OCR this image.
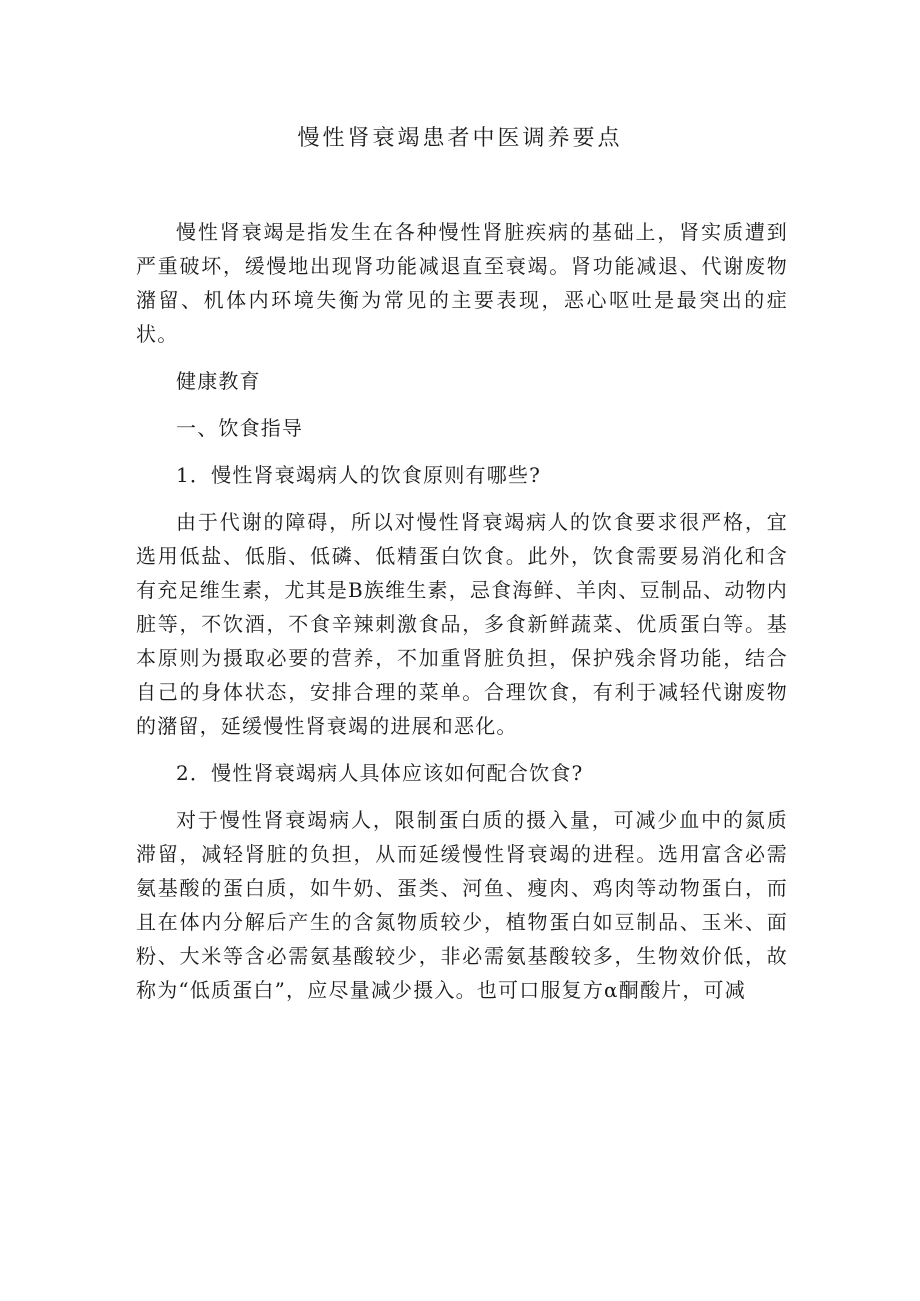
慢性肾衰竭患者中医调养要点

慢性肾衰竭是指发生在各种慢性肾脏疾病的基础上，肾实质遭到严重破坏，缓慢地出现肾功能减退直至衰竭。肾功能减退、代谢废物潴留、机体内环境失衡为常见的主要表现，恶心呕吐是最突出的症状。

健康教育

一、饮食指导

1．慢性肾衰竭病人的饮食原则有哪些?

由于代谢的障碍，所以对慢性肾衰竭病人的饮食要求很严格，宜选用低盐、低脂、低磷、低精蛋白饮食。此外，饮食需要易消化和含有充足维生素，尤其是B族维生素，忌食海鲜、羊肉、豆制品、动物内脏等，不饮酒，不食辛辣刺激食品，多食新鲜蔬菜、优质蛋白等。基本原则为摄取必要的营养，不加重肾脏负担，保护残余肾功能，结合自己的身体状态，安排合理的菜单。合理饮食，有利于减轻代谢废物的潴留，延缓慢性肾衰竭的进展和恶化。

2．慢性肾衰竭病人具体应该如何配合饮食?

对于慢性肾衰竭病人，限制蛋白质的摄入量，可减少血中的氮质滞留，减轻肾脏的负担，从而延缓慢性肾衰竭的进程。选用富含必需氨基酸的蛋白质，如牛奶、蛋类、河鱼、瘦肉、鸡肉等动物蛋白，而且在体内分解后产生的含氮物质较少，植物蛋白如豆制品、玉米、面粉、大米等含必需氨基酸较少，非必需氨基酸较多，生物效价低，故称为“低质蛋白”，应尽量减少摄入。也可口服复方α酮酸片，可减
